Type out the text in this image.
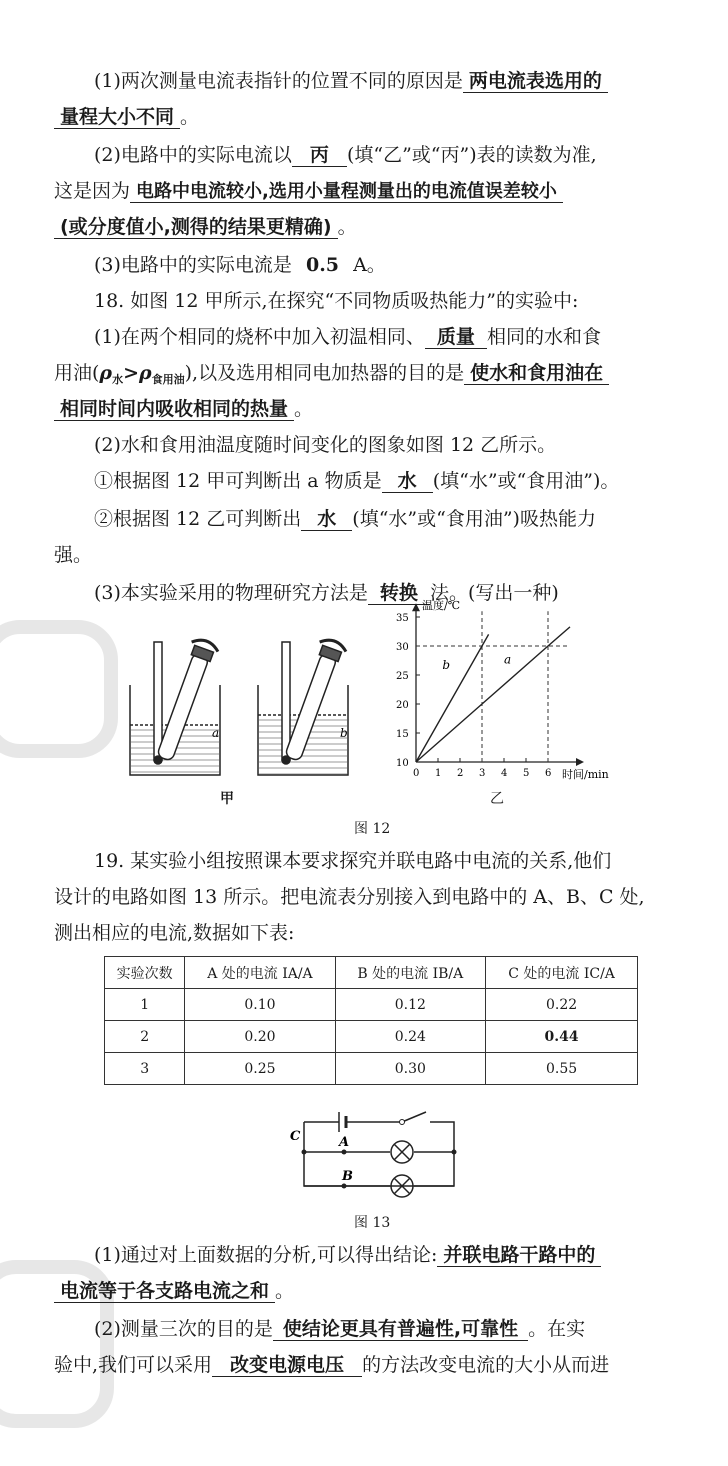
(1)两次测量电流表指针的位置不同的原因是 两电流表选用的
量程大小不同 。
(2)电路中的实际电流以 丙 (填“乙”或“丙”)表的读数为准,
这是因为 电路中电流较小,选用小量程测量出的电流值误差较小
(或分度值小,测得的结果更精确) 。
(3)电路中的实际电流是 0.5 A。
18. 如图 12 甲所示,在探究“不同物质吸热能力”的实验中:
(1)在两个相同的烧杯中加入初温相同、 质量 相同的水和食
用油$(\rho_水>\rho_{食用油})$,以及选用相同电加热器的目的是 使水和食用油在
相同时间内吸收相同的热量 。
(2)水和食用油温度随时间变化的图象如图 12 乙所示。
①根据图 12 甲可判断出 a 物质是 水 (填“水”或“食用油”)。
②根据图 12 乙可判断出 水 (填“水”或“食用油”)吸热能力
强。
(3)本实验采用的物理研究方法是 转换 法。(写出一种)
a	b
甲
0 1 2 3 4 5 6
10
15
20
25
30
35
b	a
温度/℃
时间/min
乙
图 12
19. 某实验小组按照课本要求探究并联电路中电流的关系,他们
设计的电路如图 13 所示。把电流表分别接入到电路中的 A、B、C 处,
测出相应的电流,数据如下表:
实验次数	A 处的电流 IA/A	B 处的电流 IB/A	C 处的电流 IC/A
1	0.10	0.12	0.22
2	0.20	0.24	0.44
3	0.25	0.30	0.55
C	A
B
图 13
(1)通过对上面数据的分析,可以得出结论: 并联电路干路中的
电流等于各支路电流之和 。
(2)测量三次的目的是 使结论更具有普遍性,可靠性 。在实
验中,我们可以采用 改变电源电压 的方法改变电流的大小从而进
